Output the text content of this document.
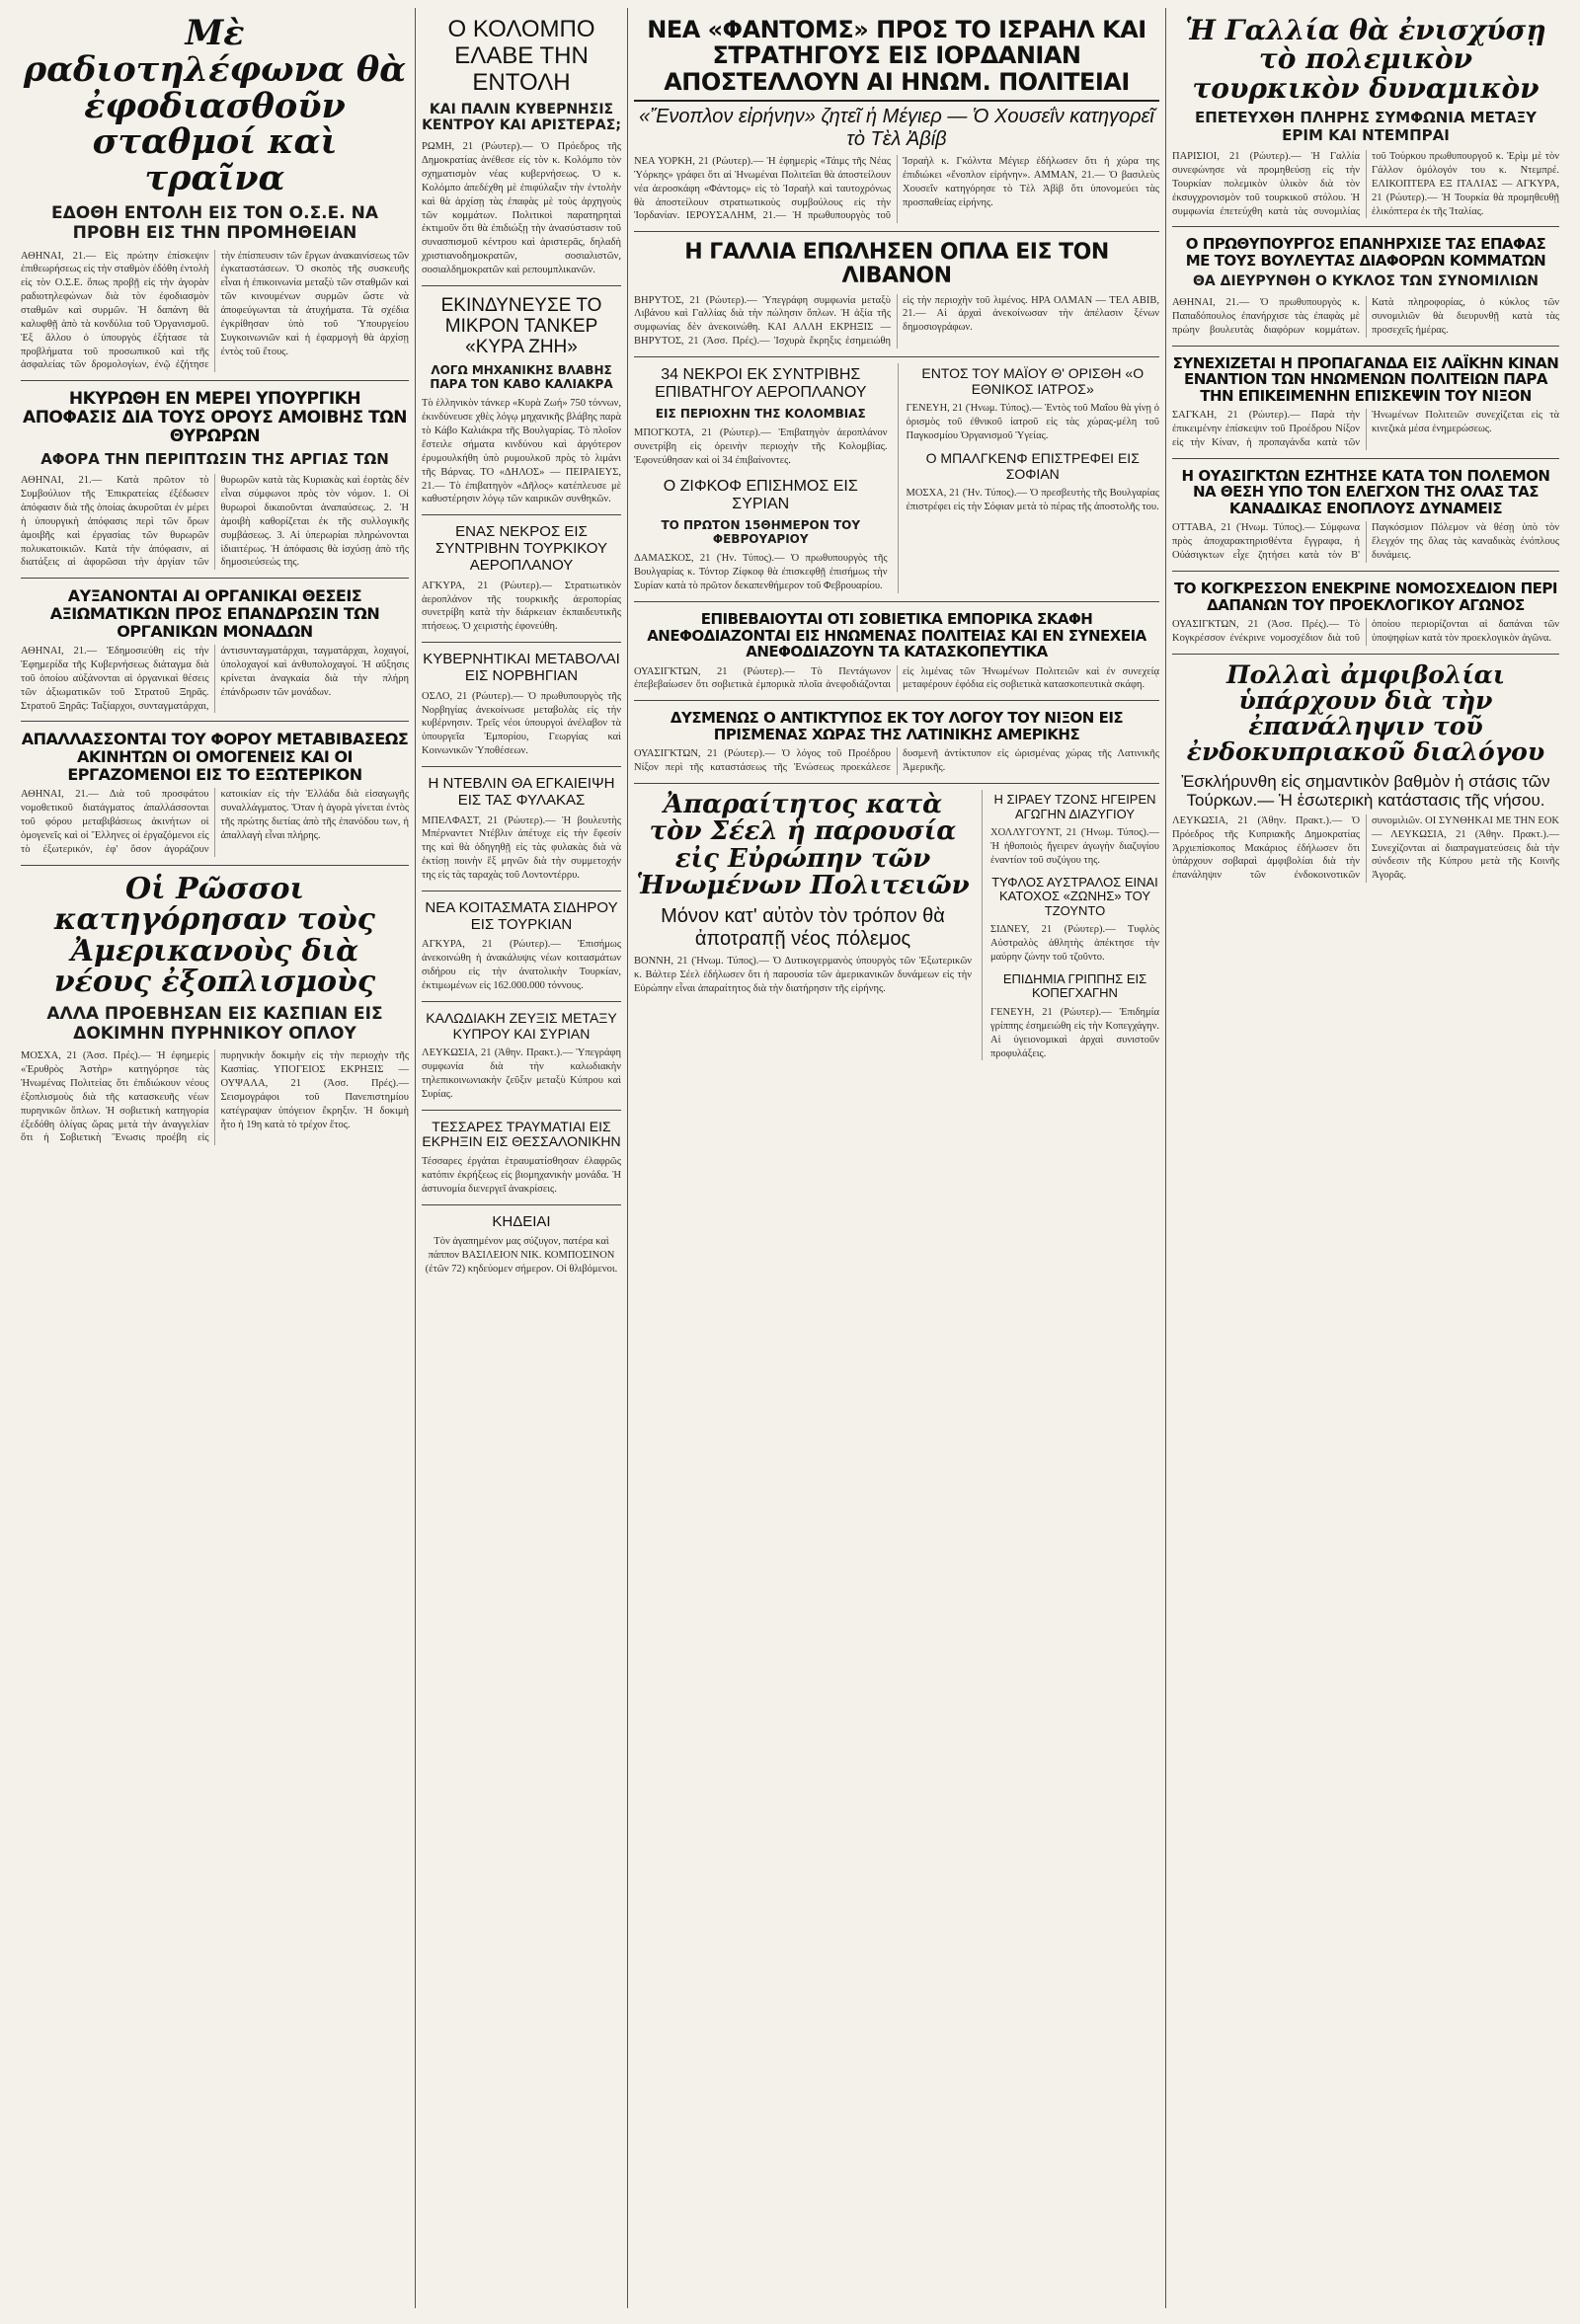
Μὲ ραδιοτηλέφωνα θὰ ἐφοδιασθοῦν σταθμοί καὶ τραῖνα
ΕΔΟΘΗ ΕΝΤΟΛΗ ΕΙΣ ΤΟΝ Ο.Σ.Ε. ΝΑ ΠΡΟΒΗ ΕΙΣ ΤΗΝ ΠΡΟΜΗΘΕΙΑΝ
ΑΘΗΝΑΙ, 21.— Εἰς πρώτην ἐπίσκεψιν ἐπιθεωρήσεως εἰς τὴν σταθμὸν ἐδόθη ἐντολὴ εἰς τὸν Ο.Σ.Ε. ὅπως προβῇ εἰς τὴν ἀγορὰν ραδιοτηλεφώνων διὰ τὸν ἐφοδιασμὸν σταθμῶν καὶ συρμῶν. Ἡ δαπάνη θὰ καλυφθῇ ἀπὸ τὰ κονδύλια τοῦ Ὀργανισμοῦ. Ἐξ ἄλλου ὁ ὑπουργὸς ἐξήτασε τὰ προβλήματα τοῦ προσωπικοῦ καὶ τῆς ἀσφαλείας τῶν δρομολογίων, ἐνῷ ἐζήτησε τὴν ἐπίσπευσιν τῶν ἔργων ἀνακαινίσεως τῶν ἐγκαταστάσεων. Ὁ σκοπὸς τῆς συσκευῆς εἶναι ἡ ἐπικοινωνία μεταξὺ τῶν σταθμῶν καὶ τῶν κινουμένων συρμῶν ὥστε νὰ ἀποφεύγωνται τὰ ἀτυχήματα. Τὰ σχέδια ἐγκρίθησαν ὑπὸ τοῦ Ὑπουργείου Συγκοινωνιῶν καὶ ἡ ἐφαρμογὴ θὰ ἀρχίσῃ ἐντὸς τοῦ ἔτους.
ΗΚΥΡΩΘΗ ΕΝ ΜΕΡΕΙ ΥΠΟΥΡΓΙΚΗ ΑΠΟΦΑΣΙΣ ΔΙΑ ΤΟΥΣ ΟΡΟΥΣ ΑΜΟΙΒΗΣ ΤΩΝ ΘΥΡΩΡΩΝ
ΑΦΟΡΑ ΤΗΝ ΠΕΡΙΠΤΩΣΙΝ ΤΗΣ ΑΡΓΙΑΣ ΤΩΝ
ΑΘΗΝΑΙ, 21.— Κατὰ πρῶτον τὸ Συμβούλιον τῆς Ἐπικρατείας ἐξέδωσεν ἀπόφασιν διὰ τῆς ὁποίας ἀκυροῦται ἐν μέρει ἡ ὑπουργικὴ ἀπόφασις περὶ τῶν ὅρων ἀμοιβῆς καὶ ἐργασίας τῶν θυρωρῶν πολυκατοικιῶν. Κατὰ τὴν ἀπόφασιν, αἱ διατάξεις αἱ ἀφορῶσαι τὴν ἀργίαν τῶν θυρωρῶν κατὰ τὰς Κυριακὰς καὶ ἑορτὰς δὲν εἶναι σύμφωνοι πρὸς τὸν νόμον. 1. Οἱ θυρωροὶ δικαιοῦνται ἀναπαύσεως. 2. Ἡ ἀμοιβὴ καθορίζεται ἐκ τῆς συλλογικῆς συμβάσεως. 3. Αἱ ὑπερωρίαι πληρώνονται ἰδιαιτέρως. Ἡ ἀπόφασις θὰ ἰσχύσῃ ἀπὸ τῆς δημοσιεύσεώς της.
ΑΥΞΑΝΟΝΤΑΙ ΑΙ ΟΡΓΑΝΙΚΑΙ ΘΕΣΕΙΣ ΑΞΙΩΜΑΤΙΚΩΝ ΠΡΟΣ ΕΠΑΝΔΡΩΣΙΝ ΤΩΝ ΟΡΓΑΝΙΚΩΝ ΜΟΝΑΔΩΝ
ΑΘΗΝΑΙ, 21.— Ἐδημοσιεύθη εἰς τὴν Ἐφημερίδα τῆς Κυβερνήσεως διάταγμα διὰ τοῦ ὁποίου αὐξάνονται αἱ ὀργανικαὶ θέσεις τῶν ἀξιωματικῶν τοῦ Στρατοῦ Ξηρᾶς. Στρατοῦ Ξηρᾶς: Ταξίαρχοι, συνταγματάρχαι, ἀντισυνταγματάρχαι, ταγματάρχαι, λοχαγοί, ὑπολοχαγοί καὶ ἀνθυπολοχαγοί. Ἡ αὔξησις κρίνεται ἀναγκαία διὰ τὴν πλήρη ἐπάνδρωσιν τῶν μονάδων.
ΑΠΑΛΛΑΣΣΟΝΤΑΙ ΤΟΥ ΦΟΡΟΥ ΜΕΤΑΒΙΒΑΣΕΩΣ ΑΚΙΝΗΤΩΝ ΟΙ ΟΜΟΓΕΝΕΙΣ ΚΑΙ ΟΙ ΕΡΓΑΖΟΜΕΝΟΙ ΕΙΣ ΤΟ ΕΞΩΤΕΡΙΚΟΝ
ΑΘΗΝΑΙ, 21.— Διὰ τοῦ προσφάτου νομοθετικοῦ διατάγματος ἀπαλλάσσονται τοῦ φόρου μεταβιβάσεως ἀκινήτων οἱ ὁμογενεῖς καὶ οἱ Ἕλληνες οἱ ἐργαζόμενοι εἰς τὸ ἐξωτερικόν, ἐφ' ὅσον ἀγοράζουν κατοικίαν εἰς τὴν Ἑλλάδα διὰ εἰσαγωγῆς συναλλάγματος. Ὅταν ἡ ἀγορὰ γίνεται ἐντὸς τῆς πρώτης διετίας ἀπὸ τῆς ἐπανόδου των, ἡ ἀπαλλαγὴ εἶναι πλήρης.
Οἱ Ρῶσσοι κατηγόρησαν τοὺς Ἀμερικανοὺς διὰ νέους ἐξοπλισμοὺς
ΑΛΛΑ ΠΡΟΕΒΗΣΑΝ ΕΙΣ ΚΑΣΠΙΑΝ ΕΙΣ ΔΟΚΙΜΗΝ ΠΥΡΗΝΙΚΟΥ ΟΠΛΟΥ
ΜΟΣΧΑ, 21 (Ἀσσ. Πρές).— Ἡ ἐφημερὶς «Ἐρυθρὸς Ἀστὴρ» κατηγόρησε τὰς Ἡνωμένας Πολιτείας ὅτι ἐπιδιώκουν νέους ἐξοπλισμοὺς διὰ τῆς κατασκευῆς νέων πυρηνικῶν ὅπλων. Ἡ σοβιετικὴ κατηγορία ἐξεδόθη ὀλίγας ὥρας μετὰ τὴν ἀναγγελίαν ὅτι ἡ Σοβιετικὴ Ἕνωσις προέβη εἰς πυρηνικὴν δοκιμὴν εἰς τὴν περιοχὴν τῆς Κασπίας. ΥΠΟΓΕΙΟΣ ΕΚΡΗΞΙΣ — ΟΥΨΑΛΑ, 21 (Ἀσσ. Πρές).— Σεισμογράφοι τοῦ Πανεπιστημίου κατέγραψαν ὑπόγειον ἔκρηξιν. Ἡ δοκιμὴ ἦτο ἡ 19η κατὰ τὸ τρέχον ἔτος.
Ο ΚΟΛΟΜΠΟ ΕΛΑΒΕ ΤΗΝ ΕΝΤΟΛΗ
ΚΑΙ ΠΑΛΙΝ ΚΥΒΕΡΝΗΣΙΣ ΚΕΝΤΡΟΥ ΚΑΙ ΑΡΙΣΤΕΡΑΣ;
ΡΩΜΗ, 21 (Ρώυτερ).— Ὁ Πρόεδρος τῆς Δημοκρατίας ἀνέθεσε εἰς τὸν κ. Κολόμπο τὸν σχηματισμὸν νέας κυβερνήσεως. Ὁ κ. Κολόμπο ἀπεδέχθη μὲ ἐπιφύλαξιν τὴν ἐντολὴν καὶ θὰ ἀρχίσῃ τὰς ἐπαφὰς μὲ τοὺς ἀρχηγοὺς τῶν κομμάτων. Πολιτικοὶ παρατηρηταὶ ἐκτιμοῦν ὅτι θὰ ἐπιδιώξῃ τὴν ἀνασύστασιν τοῦ συνασπισμοῦ κέντρου καὶ ἀριστερᾶς, δηλαδὴ χριστιανοδημοκρατῶν, σοσιαλιστῶν, σοσιαλδημοκρατῶν καὶ ρεπουμπλικανῶν.
ΕΚΙΝΔΥΝΕΥΣΕ ΤΟ ΜΙΚΡΟΝ ΤΑΝΚΕΡ «ΚΥΡΑ ΖΗΗ»
ΛΟΓΩ ΜΗΧΑΝΙΚΗΣ ΒΛΑΒΗΣ ΠΑΡΑ ΤΟΝ ΚΑΒΟ ΚΑΛΙΑΚΡΑ
Τὸ ἑλληνικὸν τάνκερ «Κυρὰ Ζωή» 750 τόννων, ἐκινδύνευσε χθὲς λόγῳ μηχανικῆς βλάβης παρὰ τὸ Κάβο Καλιάκρα τῆς Βουλγαρίας. Τὸ πλοῖον ἔστειλε σήματα κινδύνου καὶ ἀργότερον ἐρυμουλκήθη ὑπὸ ρυμουλκοῦ πρὸς τὸ λιμάνι τῆς Βάρνας. ΤΟ «ΔΗΛΟΣ» — ΠΕΙΡΑΙΕΥΣ, 21.— Τὸ ἐπιβατηγὸν «Δῆλος» κατέπλευσε μὲ καθυστέρησιν λόγῳ τῶν καιρικῶν συνθηκῶν.
ΕΝΑΣ ΝΕΚΡΟΣ ΕΙΣ ΣΥΝΤΡΙΒΗΝ ΤΟΥΡΚΙΚΟΥ ΑΕΡΟΠΛΑΝΟΥ
ΑΓΚΥΡΑ, 21 (Ρώυτερ).— Στρατιωτικὸν ἀεροπλάνον τῆς τουρκικῆς ἀεροπορίας συνετρίβη κατὰ τὴν διάρκειαν ἐκπαιδευτικῆς πτήσεως. Ὁ χειριστὴς ἐφονεύθη.
ΚΥΒΕΡΝΗΤΙΚΑΙ ΜΕΤΑΒΟΛΑΙ ΕΙΣ ΝΟΡΒΗΓΙΑΝ
ΟΣΛΟ, 21 (Ρώυτερ).— Ὁ πρωθυπουργὸς τῆς Νορβηγίας ἀνεκοίνωσε μεταβολὰς εἰς τὴν κυβέρνησιν. Τρεῖς νέοι ὑπουργοὶ ἀνέλαβον τὰ ὑπουργεῖα Ἐμπορίου, Γεωργίας καὶ Κοινωνικῶν Ὑποθέσεων.
Η ΝΤΕΒΛΙΝ ΘΑ ΕΓΚΑΙΕΙΨΗ ΕΙΣ ΤΑΣ ΦΥΛΑΚΑΣ
ΜΠΕΛΦΑΣΤ, 21 (Ρώυτερ).— Ἡ βουλευτὴς Μπέρναντετ Ντέβλιν ἀπέτυχε εἰς τὴν ἔφεσίν της καὶ θὰ ὁδηγηθῇ εἰς τὰς φυλακὰς διὰ νὰ ἐκτίσῃ ποινὴν ἓξ μηνῶν διὰ τὴν συμμετοχήν της εἰς τὰς ταραχὰς τοῦ Λοντοντέρρυ.
ΝΕΑ ΚΟΙΤΑΣΜΑΤΑ ΣΙΔΗΡΟΥ ΕΙΣ ΤΟΥΡΚΙΑΝ
ΑΓΚΥΡΑ, 21 (Ρώυτερ).— Ἐπισήμως ἀνεκοινώθη ἡ ἀνακάλυψις νέων κοιτασμάτων σιδήρου εἰς τὴν ἀνατολικὴν Τουρκίαν, ἐκτιμωμένων εἰς 162.000.000 τόννους.
ΚΑΛΩΔΙΑΚΗ ΖΕΥΞΙΣ ΜΕΤΑΞΥ ΚΥΠΡΟΥ ΚΑΙ ΣΥΡΙΑΝ
ΛΕΥΚΩΣΙΑ, 21 (Ἀθην. Πρακτ.).— Ὑπεγράφη συμφωνία διὰ τὴν καλωδιακὴν τηλεπικοινωνιακὴν ζεῦξιν μεταξὺ Κύπρου καὶ Συρίας.
ΤΕΣΣΑΡΕΣ ΤΡΑΥΜΑΤΙΑΙ ΕΙΣ ΕΚΡΗΞΙΝ ΕΙΣ ΘΕΣΣΑΛΟΝΙΚΗΝ
Τέσσαρες ἐργάται ἐτραυματίσθησαν ἐλαφρῶς κατόπιν ἐκρήξεως εἰς βιομηχανικὴν μονάδα. Ἡ ἀστυνομία διενεργεῖ ἀνακρίσεις.
ΚΗΔΕΙΑΙ
Τὸν ἀγαπημένον μας σύζυγον, πατέρα καὶ πάππον ΒΑΣΙΛΕΙΟΝ ΝΙΚ. ΚΟΜΠΟΣΙΝΟΝ (ἐτῶν 72) κηδεύομεν σήμερον. Οἱ θλιβόμενοι.
ΝΕΑ «ΦΑΝΤΟΜΣ» ΠΡΟΣ ΤΟ ΙΣΡΑΗΛ ΚΑΙ ΣΤΡΑΤΗΓΟΥΣ ΕΙΣ ΙΟΡΔΑΝΙΑΝ ΑΠΟΣΤΕΛΛΟΥΝ ΑΙ ΗΝΩΜ. ΠΟΛΙΤΕΙΑΙ
«Ἔνοπλον εἰρήνην» ζητεῖ ἡ Μέγιερ — Ὁ Χουσεΐν κατηγορεῖ τὸ Τὲλ Ἀβίβ
ΝΕΑ ΥΟΡΚΗ, 21 (Ρώυτερ).— Ἡ ἐφημερὶς «Τάιμς τῆς Νέας Ὑόρκης» γράφει ὅτι αἱ Ἡνωμέναι Πολιτεῖαι θὰ ἀποστείλουν νέα ἀεροσκάφη «Φάντομς» εἰς τὸ Ἰσραὴλ καὶ ταυτοχρόνως θὰ ἀποστείλουν στρατιωτικοὺς συμβούλους εἰς τὴν Ἰορδανίαν. ΙΕΡΟΥΣΑΛΗΜ, 21.— Ἡ πρωθυπουργὸς τοῦ Ἰσραὴλ κ. Γκόλντα Μέγιερ ἐδήλωσεν ὅτι ἡ χώρα της ἐπιδιώκει «ἔνοπλον εἰρήνην». ΑΜΜΑΝ, 21.— Ὁ βασιλεὺς Χουσεΐν κατηγόρησε τὸ Τὲλ Ἀβὶβ ὅτι ὑπονομεύει τὰς προσπαθείας εἰρήνης.
Η ΓΑΛΛΙΑ ΕΠΩΛΗΣΕΝ ΟΠΛΑ ΕΙΣ ΤΟΝ ΛΙΒΑΝΟΝ
ΒΗΡΥΤΟΣ, 21 (Ρώυτερ).— Ὑπεγράφη συμφωνία μεταξὺ Λιβάνου καὶ Γαλλίας διὰ τὴν πώλησιν ὅπλων. Ἡ ἀξία τῆς συμφωνίας δὲν ἀνεκοινώθη. ΚΑΙ ΑΛΛΗ ΕΚΡΗΞΙΣ — ΒΗΡΥΤΟΣ, 21 (Ἀσσ. Πρές).— Ἰσχυρὰ ἔκρηξις ἐσημειώθη εἰς τὴν περιοχὴν τοῦ λιμένος. ΗΡΑ ΟΛΜΑΝ — ΤΕΛ ΑΒΙΒ, 21.— Αἱ ἀρχαὶ ἀνεκοίνωσαν τὴν ἀπέλασιν ξένων δημοσιογράφων.
34 ΝΕΚΡΟΙ ΕΚ ΣΥΝΤΡΙΒΗΣ ΕΠΙΒΑΤΗΓΟΥ ΑΕΡΟΠΛΑΝΟΥ
ΕΙΣ ΠΕΡΙΟΧΗΝ ΤΗΣ ΚΟΛΟΜΒΙΑΣ
ΜΠΟΓΚΟΤΑ, 21 (Ρώυτερ).— Ἐπιβατηγὸν ἀεροπλάνον συνετρίβη εἰς ὀρεινὴν περιοχὴν τῆς Κολομβίας. Ἐφονεύθησαν καὶ οἱ 34 ἐπιβαίνοντες.
Ο ΖΙΦΚΟΦ ΕΠΙΣΗΜΟΣ ΕΙΣ ΣΥΡΙΑΝ
ΤΟ ΠΡΩΤΟΝ 15ΘΗΜΕΡΟΝ ΤΟΥ ΦΕΒΡΟΥΑΡΙΟΥ
ΔΑΜΑΣΚΟΣ, 21 (Ἡν. Τύπος).— Ὁ πρωθυπουργὸς τῆς Βουλγαρίας κ. Τόντορ Ζίφκοφ θὰ ἐπισκεφθῇ ἐπισήμως τὴν Συρίαν κατὰ τὸ πρῶτον δεκαπενθήμερον τοῦ Φεβρουαρίου.
ΕΝΤΟΣ ΤΟΥ ΜΑΪΟΥ Θ' ΟΡΙΣΘΗ «Ο ΕΘΝΙΚΟΣ ΙΑΤΡΟΣ»
ΓΕΝΕΥΗ, 21 (Ἡνωμ. Τύπος).— Ἐντὸς τοῦ Μαΐου θὰ γίνῃ ὁ ὁρισμὸς τοῦ ἐθνικοῦ ἰατροῦ εἰς τὰς χώρας-μέλη τοῦ Παγκοσμίου Ὀργανισμοῦ Ὑγείας.
Ο ΜΠΑΛΓΚΕΝΦ ΕΠΙΣΤΡΕΦΕΙ ΕΙΣ ΣΟΦΙΑΝ
ΜΟΣΧΑ, 21 (Ἡν. Τύπος).— Ὁ πρεσβευτὴς τῆς Βουλγαρίας ἐπιστρέφει εἰς τὴν Σόφιαν μετὰ τὸ πέρας τῆς ἀποστολῆς του.
ΕΠΙΒΕΒΑΙΟΥΤΑΙ ΟΤΙ ΣΟΒΙΕΤΙΚΑ ΕΜΠΟΡΙΚΑ ΣΚΑΦΗ ΑΝΕΦΟΔΙΑΖΟΝΤΑΙ ΕΙΣ ΗΝΩΜΕΝΑΣ ΠΟΛΙΤΕΙΑΣ ΚΑΙ ΕΝ ΣΥΝΕΧΕΙΑ ΑΝΕΦΟΔΙΑΖΟΥΝ ΤΑ ΚΑΤΑΣΚΟΠΕΥΤΙΚΑ
ΟΥΑΣΙΓΚΤΩΝ, 21 (Ρώυτερ).— Τὸ Πεντάγωνον ἐπεβεβαίωσεν ὅτι σοβιετικὰ ἐμπορικὰ πλοῖα ἀνεφοδιάζονται εἰς λιμένας τῶν Ἡνωμένων Πολιτειῶν καὶ ἐν συνεχείᾳ μεταφέρουν ἐφόδια εἰς σοβιετικὰ κατασκοπευτικὰ σκάφη.
ΔΥΣΜΕΝΩΣ Ο ΑΝΤΙΚΤΥΠΟΣ ΕΚ ΤΟΥ ΛΟΓΟΥ ΤΟΥ ΝΙΞΟΝ ΕΙΣ ΠΡΙΣΜΕΝΑΣ ΧΩΡΑΣ ΤΗΣ ΛΑΤΙΝΙΚΗΣ ΑΜΕΡΙΚΗΣ
ΟΥΑΣΙΓΚΤΩΝ, 21 (Ρώυτερ).— Ὁ λόγος τοῦ Προέδρου Νίξον περὶ τῆς καταστάσεως τῆς Ἑνώσεως προεκάλεσε δυσμενῆ ἀντίκτυπον εἰς ὡρισμένας χώρας τῆς Λατινικῆς Ἀμερικῆς.
Ἀπαραίτητος κατὰ τὸν Σέελ ἡ παρουσία εἰς Εὐρώπην τῶν Ἡνωμένων Πολιτειῶν
Μόνον κατ' αὐτὸν τὸν τρόπον θὰ ἀποτραπῇ νέος πόλεμος
ΒΟΝΝΗ, 21 (Ἡνωμ. Τύπος).— Ὁ Δυτικογερμανὸς ὑπουργὸς τῶν Ἐξωτερικῶν κ. Βάλτερ Σέελ ἐδήλωσεν ὅτι ἡ παρουσία τῶν ἀμερικανικῶν δυνάμεων εἰς τὴν Εὐρώπην εἶναι ἀπαραίτητος διὰ τὴν διατήρησιν τῆς εἰρήνης.
Η ΣΙΡΑΕΥ ΤΖΟΝΣ ΗΓΕΙΡΕΝ ΑΓΩΓΗΝ ΔΙΑΖΥΓΙΟΥ
ΧΟΛΛΥΓΟΥΝΤ, 21 (Ἡνωμ. Τύπος).— Ἡ ἠθοποιὸς ἤγειρεν ἀγωγὴν διαζυγίου ἐναντίον τοῦ συζύγου της.
ΤΥΦΛΟΣ ΑΥΣΤΡΑΛΟΣ ΕΙΝΑΙ ΚΑΤΟΧΟΣ «ΖΩΝΗΣ» ΤΟΥ ΤΖΟΥΝΤΟ
ΣΙΔΝΕΥ, 21 (Ρώυτερ).— Τυφλὸς Αὐστραλὸς ἀθλητὴς ἀπέκτησε τὴν μαύρην ζώνην τοῦ τζοῦντο.
ΕΠΙΔΗΜΙΑ ΓΡΙΠΠΗΣ ΕΙΣ ΚΟΠΕΓΧΑΓΗΝ
ΓΕΝΕΥΗ, 21 (Ρώυτερ).— Ἐπιδημία γρίππης ἐσημειώθη εἰς τὴν Κοπεγχάγην. Αἱ ὑγειονομικαὶ ἀρχαὶ συνιστοῦν προφυλάξεις.
Ἡ Γαλλία θὰ ἐνισχύσῃ τὸ πολεμικὸν τουρκικὸν δυναμικὸν
ΕΠΕΤΕΥΧΘΗ ΠΛΗΡΗΣ ΣΥΜΦΩΝΙΑ ΜΕΤΑΞΥ ΕΡΙΜ ΚΑΙ ΝΤΕΜΠΡΑΙ
ΠΑΡΙΣΙΟΙ, 21 (Ρώυτερ).— Ἡ Γαλλία συνεφώνησε νὰ προμηθεύσῃ εἰς τὴν Τουρκίαν πολεμικὸν ὑλικὸν διὰ τὸν ἐκσυγχρονισμὸν τοῦ τουρκικοῦ στόλου. Ἡ συμφωνία ἐπετεύχθη κατὰ τὰς συνομιλίας τοῦ Τούρκου πρωθυπουργοῦ κ. Ἐρὶμ μὲ τὸν Γάλλον ὁμόλογόν του κ. Ντεμπρέ. ΕΛΙΚΟΠΤΕΡΑ ΕΞ ΙΤΑΛΙΑΣ — ΑΓΚΥΡΑ, 21 (Ρώυτερ).— Ἡ Τουρκία θὰ προμηθευθῇ ἑλικόπτερα ἐκ τῆς Ἰταλίας.
Ο ΠΡΩΘΥΠΟΥΡΓΟΣ ΕΠΑΝΗΡΧΙΣΕ ΤΑΣ ΕΠΑΦΑΣ ΜΕ ΤΟΥΣ ΒΟΥΛΕΥΤΑΣ ΔΙΑΦΟΡΩΝ ΚΟΜΜΑΤΩΝ
ΘΑ ΔΙΕΥΡΥΝΘΗ Ο ΚΥΚΛΟΣ ΤΩΝ ΣΥΝΟΜΙΛΙΩΝ
ΑΘΗΝΑΙ, 21.— Ὁ πρωθυπουργὸς κ. Παπαδόπουλος ἐπανήρχισε τὰς ἐπαφὰς μὲ πρώην βουλευτὰς διαφόρων κομμάτων. Κατὰ πληροφορίας, ὁ κύκλος τῶν συνομιλιῶν θὰ διευρυνθῇ κατὰ τὰς προσεχεῖς ἡμέρας.
ΣΥΝΕΧΙΖΕΤΑΙ Η ΠΡΟΠΑΓΑΝΔΑ ΕΙΣ ΛΑΪΚΗΝ ΚΙΝΑΝ ΕΝΑΝΤΙΟΝ ΤΩΝ ΗΝΩΜΕΝΩΝ ΠΟΛΙΤΕΙΩΝ ΠΑΡΑ ΤΗΝ ΕΠΙΚΕΙΜΕΝΗΝ ΕΠΙΣΚΕΨΙΝ ΤΟΥ ΝΙΞΟΝ
ΣΑΓΚΑΗ, 21 (Ρώυτερ).— Παρὰ τὴν ἐπικειμένην ἐπίσκεψιν τοῦ Προέδρου Νίξον εἰς τὴν Κίναν, ἡ προπαγάνδα κατὰ τῶν Ἡνωμένων Πολιτειῶν συνεχίζεται εἰς τὰ κινεζικὰ μέσα ἐνημερώσεως.
Η ΟΥΑΣΙΓΚΤΩΝ ΕΖΗΤΗΣΕ ΚΑΤΑ ΤΟΝ ΠΟΛΕΜΟΝ ΝΑ ΘΕΣΗ ΥΠΟ ΤΟΝ ΕΛΕΓΧΟΝ ΤΗΣ ΟΛΑΣ ΤΑΣ ΚΑΝΑΔΙΚΑΣ ΕΝΟΠΛΟΥΣ ΔΥΝΑΜΕΙΣ
ΟΤΤΑΒΑ, 21 (Ἡνωμ. Τύπος).— Σύμφωνα πρὸς ἀποχαρακτηρισθέντα ἔγγραφα, ἡ Οὐάσιγκτων εἶχε ζητήσει κατὰ τὸν Β' Παγκόσμιον Πόλεμον νὰ θέσῃ ὑπὸ τὸν ἔλεγχόν της ὅλας τὰς καναδικὰς ἐνόπλους δυνάμεις.
ΤΟ ΚΟΓΚΡΕΣΣΟΝ ΕΝΕΚΡΙΝΕ ΝΟΜΟΣΧΕΔΙΟΝ ΠΕΡΙ ΔΑΠΑΝΩΝ ΤΟΥ ΠΡΟΕΚΛΟΓΙΚΟΥ ΑΓΩΝΟΣ
ΟΥΑΣΙΓΚΤΩΝ, 21 (Ἀσσ. Πρές).— Τὸ Κογκρέσσον ἐνέκρινε νομοσχέδιον διὰ τοῦ ὁποίου περιορίζονται αἱ δαπάναι τῶν ὑποψηφίων κατὰ τὸν προεκλογικὸν ἀγῶνα.
Πολλαὶ ἀμφιβολίαι ὑπάρχουν διὰ τὴν ἐπανάληψιν τοῦ ἐνδοκυπριακοῦ διαλόγου
Ἐσκλήρυνθη εἰς σημαντικὸν βαθμὸν ἡ στάσις τῶν Τούρκων.— Ἡ ἐσωτερικὴ κατάστασις τῆς νήσου.
ΛΕΥΚΩΣΙΑ, 21 (Ἀθην. Πρακτ.).— Ὁ Πρόεδρος τῆς Κυπριακῆς Δημοκρατίας Ἀρχιεπίσκοπος Μακάριος ἐδήλωσεν ὅτι ὑπάρχουν σοβαραὶ ἀμφιβολίαι διὰ τὴν ἐπανάληψιν τῶν ἐνδοκοινοτικῶν συνομιλιῶν. ΟΙ ΣΥΝΘΗΚΑΙ ΜΕ ΤΗΝ ΕΟΚ — ΛΕΥΚΩΣΙΑ, 21 (Ἀθην. Πρακτ.).— Συνεχίζονται αἱ διαπραγματεύσεις διὰ τὴν σύνδεσιν τῆς Κύπρου μετὰ τῆς Κοινῆς Ἀγορᾶς.
